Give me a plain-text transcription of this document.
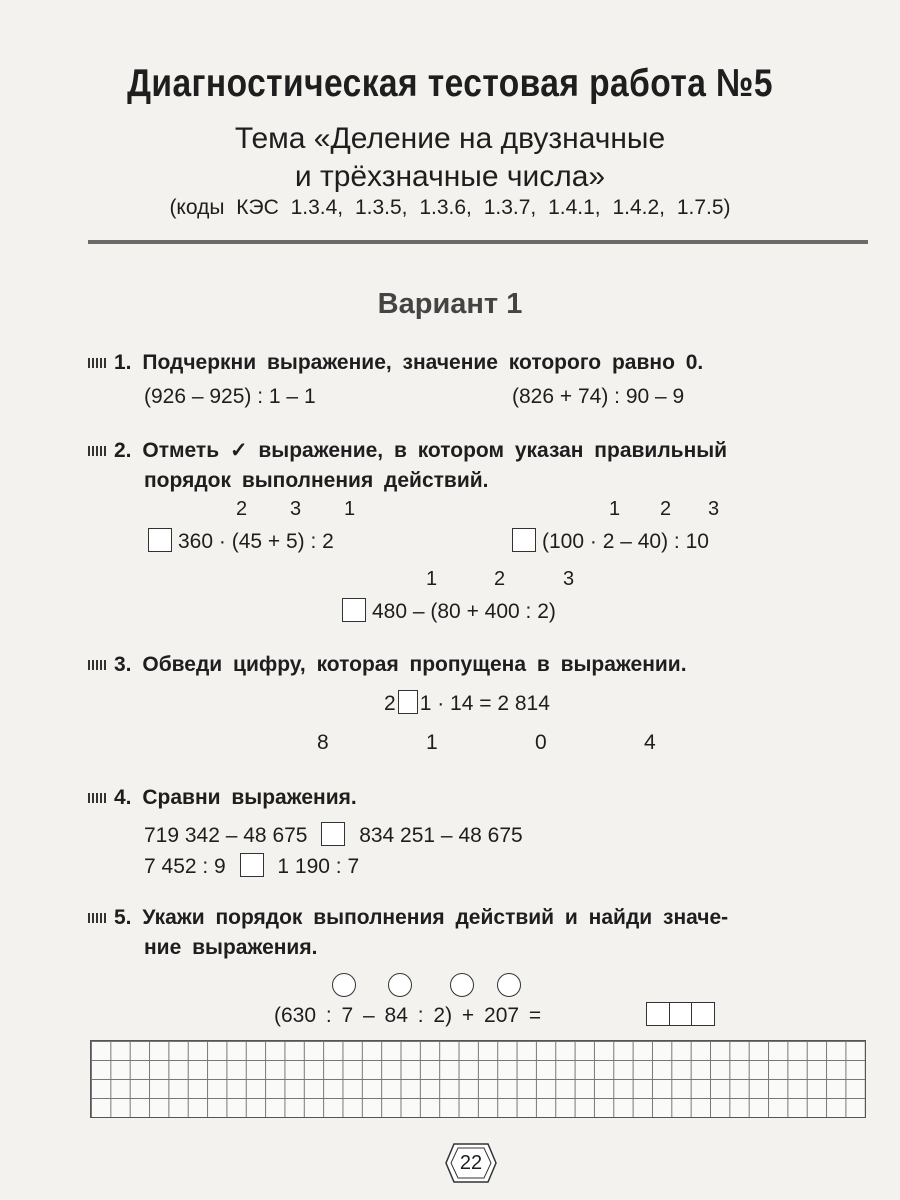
Диагностическая тестовая работа №5
Тема «Деление на двузначные
и трёхзначные числа»
(коды КЭС 1.3.4, 1.3.5, 1.3.6, 1.3.7, 1.4.1, 1.4.2, 1.7.5)
Вариант 1
1. Подчеркни выражение, значение которого равно 0.
(926 – 925) : 1 – 1	(826 + 74) : 90 – 9
2. Отметь ✓ выражение, в котором указан правильный
порядок выполнения действий.
2 3 1
360 · (45 + 5) : 2
1 2 3
(100 · 2 – 40) : 10
1	2	3
480 – (80 + 400 : 2)
3. Обведи цифру, которая пропущена в выражении.
2 1 · 14 = 2 814
8	1	0	4
4. Сравни выражения.
719 342 – 48 675 834 251 – 48 675
7 452 : 9 1 190 : 7
5. Укажи порядок выполнения действий и найди значе-
ние выражения.
(630 : 7 – 84 : 2) + 207 =
22
